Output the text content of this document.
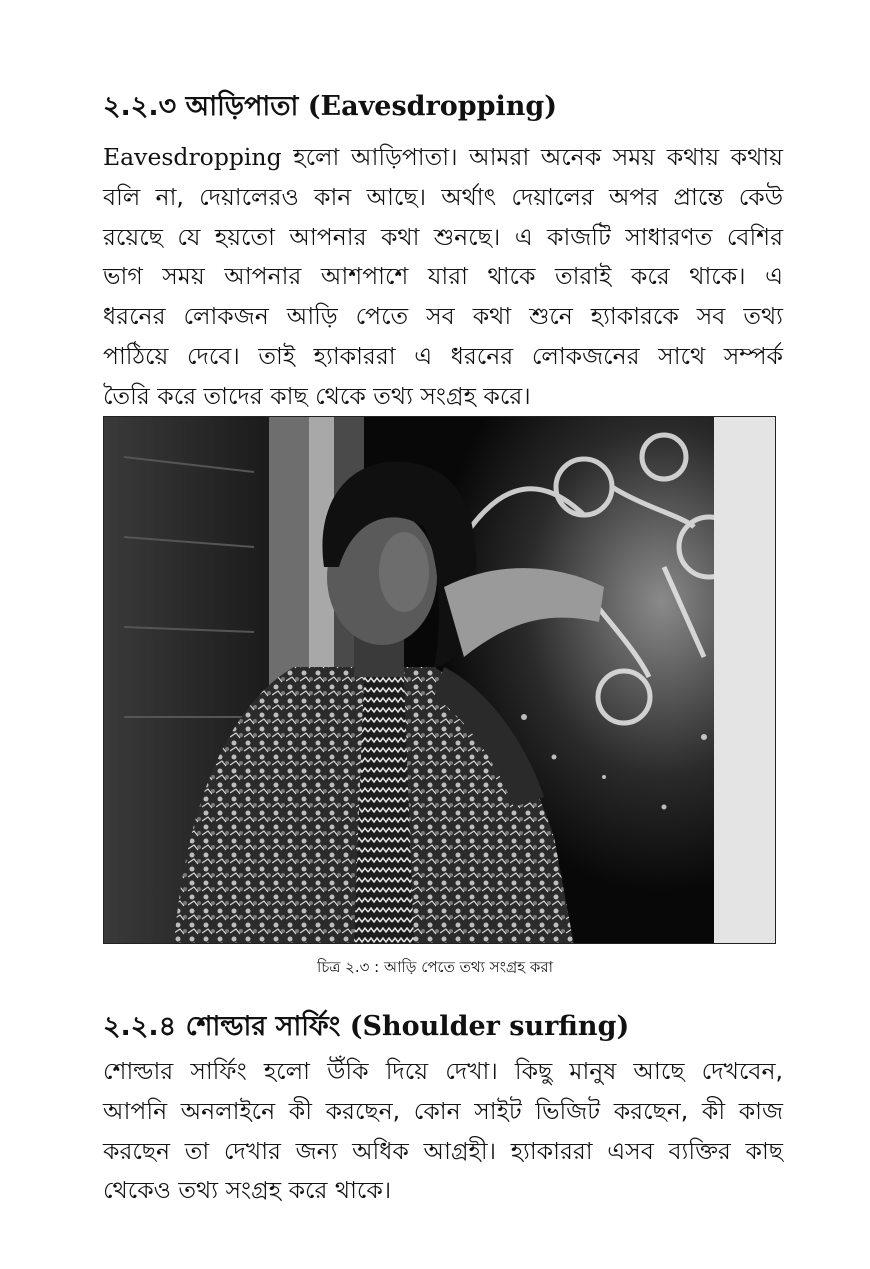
২.২.৩ আড়িপাতা (Eavesdropping)
Eavesdropping হলো আড়িপাতা। আমরা অনেক সময় কথায় কথায়
বলি না, দেয়ালেরও কান আছে। অর্থাৎ দেয়ালের অপর প্রান্তে কেউ
রয়েছে যে হয়তো আপনার কথা শুনছে। এ কাজটি সাধারণত বেশির
ভাগ সময় আপনার আশপাশে যারা থাকে তারাই করে থাকে। এ
ধরনের লোকজন আড়ি পেতে সব কথা শুনে হ্যাকারকে সব তথ্য
পাঠিয়ে দেবে। তাই হ্যাকাররা এ ধরনের লোকজনের সাথে সম্পর্ক
তৈরি করে তাদের কাছ থেকে তথ্য সংগ্রহ করে।
চিত্র ২.৩ : আড়ি পেতে তথ্য সংগ্রহ করা
২.২.৪ শোল্ডার সার্ফিং (Shoulder surfing)
শোল্ডার সার্ফিং হলো উঁকি দিয়ে দেখা। কিছু মানুষ আছে দেখবেন,
আপনি অনলাইনে কী করছেন, কোন সাইট ভিজিট করছেন, কী কাজ
করছেন তা দেখার জন্য অধিক আগ্রহী। হ্যাকাররা এসব ব্যক্তির কাছ
থেকেও তথ্য সংগ্রহ করে থাকে।
